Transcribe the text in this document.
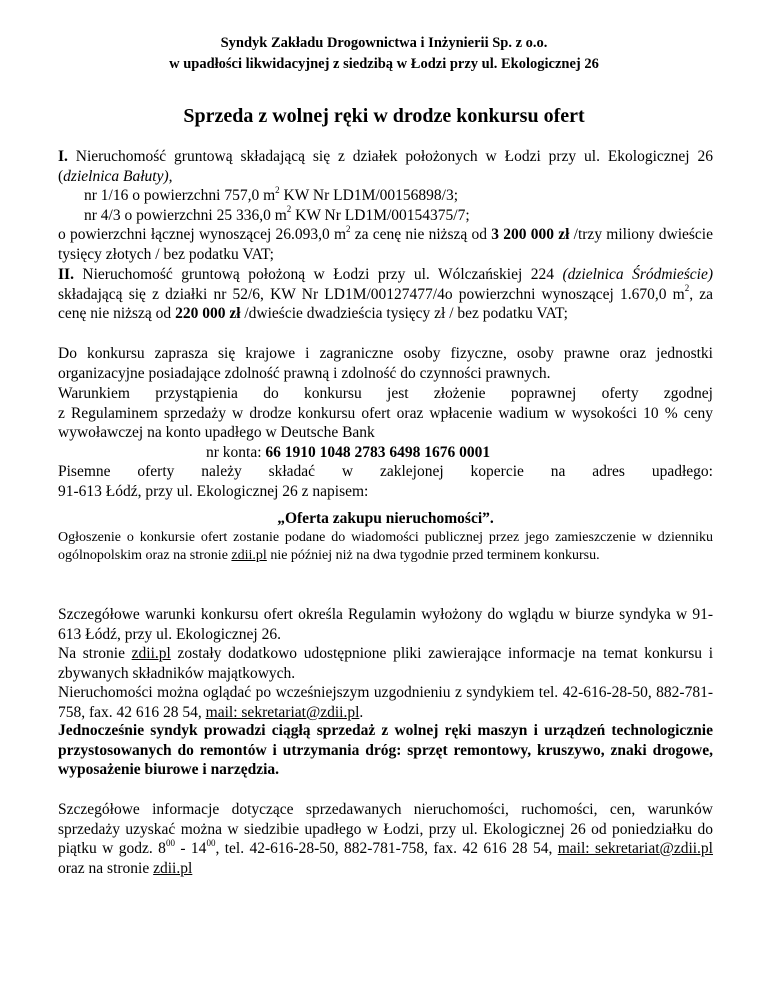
Syndyk Zakładu Drogownictwa i Inżynierii Sp. z o.o.
w upadłości likwidacyjnej z siedzibą w Łodzi przy ul. Ekologicznej 26
Sprzeda z wolnej ręki w drodze konkursu ofert
I. Nieruchomość gruntową składającą się z działek położonych w Łodzi przy ul. Ekologicznej 26 (dzielnica Bałuty),
nr 1/16 o powierzchni 757,0 $m^2$ KW Nr LD1M/00156898/3;
nr 4/3 o powierzchni 25 336,0 $m^2$ KW Nr LD1M/00154375/7;
o powierzchni łącznej wynoszącej 26.093,0 $m^2$ za cenę nie niższą od 3 200 000 zł /trzy miliony dwieście tysięcy złotych / bez podatku VAT;
II. Nieruchomość gruntową położoną w Łodzi przy ul. Wólczańskiej 224 (dzielnica Śródmieście) składającą się z działki nr 52/6, KW Nr LD1M/00127477/4o powierzchni wynoszącej 1.670,0 $m^2$, za cenę nie niższą od 220 000 zł /dwieście dwadzieścia tysięcy zł / bez podatku VAT;
Do konkursu zaprasza się krajowe i zagraniczne osoby fizyczne, osoby prawne oraz jednostki organizacyjne posiadające zdolność prawną i zdolność do czynności prawnych.
Warunkiem przystąpienia do konkursu jest złożenie poprawnej oferty zgodnej
z Regulaminem sprzedaży w drodze konkursu ofert oraz wpłacenie wadium w wysokości 10 % ceny wywoławczej na konto upadłego w Deutsche Bank
nr konta: 66 1910 1048 2783 6498 1676 0001
Pisemne oferty należy składać w zaklejonej kopercie na adres upadłego:
91-613 Łódź, przy ul. Ekologicznej 26 z napisem:
„Oferta zakupu nieruchomości”.
Ogłoszenie o konkursie ofert zostanie podane do wiadomości publicznej przez jego zamieszczenie w dzienniku ogólnopolskim oraz na stronie zdii.pl nie później niż na dwa tygodnie przed terminem konkursu.
Szczegółowe warunki konkursu ofert określa Regulamin wyłożony do wglądu w biurze syndyka w 91-613 Łódź, przy ul. Ekologicznej 26.
Na stronie zdii.pl zostały dodatkowo udostępnione pliki zawierające informacje na temat konkursu i zbywanych składników majątkowych.
Nieruchomości można oglądać po wcześniejszym uzgodnieniu z syndykiem tel. 42-616-28-50, 882-781-758, fax. 42 616 28 54, mail: sekretariat@zdii.pl.
Jednocześnie syndyk prowadzi ciągłą sprzedaż z wolnej ręki maszyn i urządzeń technologicznie przystosowanych do remontów i utrzymania dróg: sprzęt remontowy, kruszywo, znaki drogowe, wyposażenie biurowe i narzędzia.
Szczegółowe informacje dotyczące sprzedawanych nieruchomości, ruchomości, cen, warunków sprzedaży uzyskać można w siedzibie upadłego w Łodzi, przy ul. Ekologicznej 26 od poniedziałku do piątku w godz. $8^{00} - 14^{00}$, tel. 42-616-28-50, 882-781-758, fax. 42 616 28 54, mail: sekretariat@zdii.pl oraz na stronie zdii.pl
